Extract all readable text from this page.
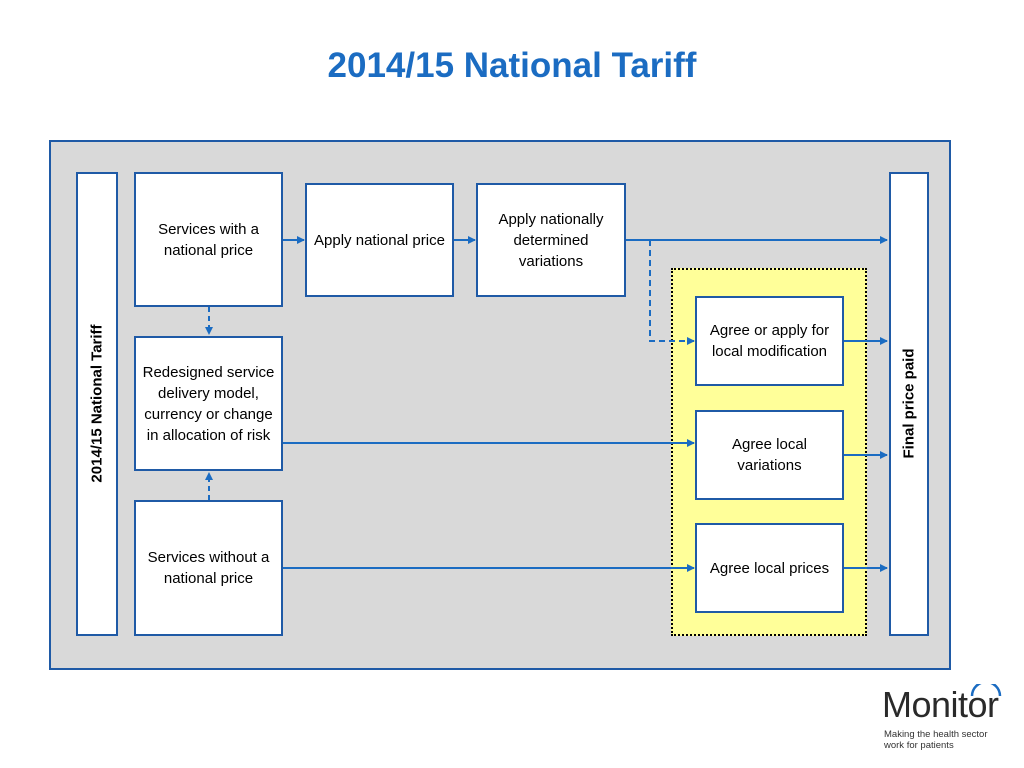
2014/15 National Tariff
2014/15 National Tariff	Final price paid
Services with a national price
Apply national price
Apply nationally determined variations
Redesigned service delivery model, currency or change in allocation of risk
Services without a national price
Agree or apply for local modification
Agree local variations
Agree local prices
Monitor
Making the health sector
work for patients
